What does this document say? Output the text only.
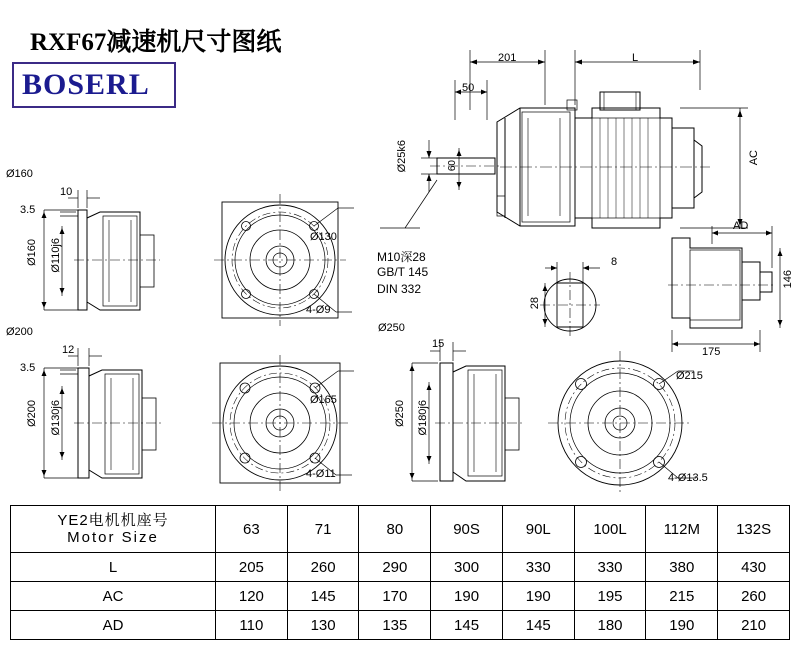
RXF67减速机尺寸图纸
BOSERL
201	L
50
Ø25k6	60
AC
M10深28
GB/T 145
DIN 332
8
28
AD
146
175
Ø160
10
3.5
Ø160 Ø110j6
Ø130
4-Ø9
Ø200
12
3.5
Ø200 Ø130j6	Ø165
4-Ø11
Ø250
15
Ø250 Ø180j6
Ø215
4-Ø13.5
YE2电机机座号
Motor Size	63	71	80	90S	90L	100L	112M	132S
L	205	260	290	300	330	330	380	430
AC	120	145	170	190	190	195	215	260
AD	110	130	135	145	145	180	190	210
